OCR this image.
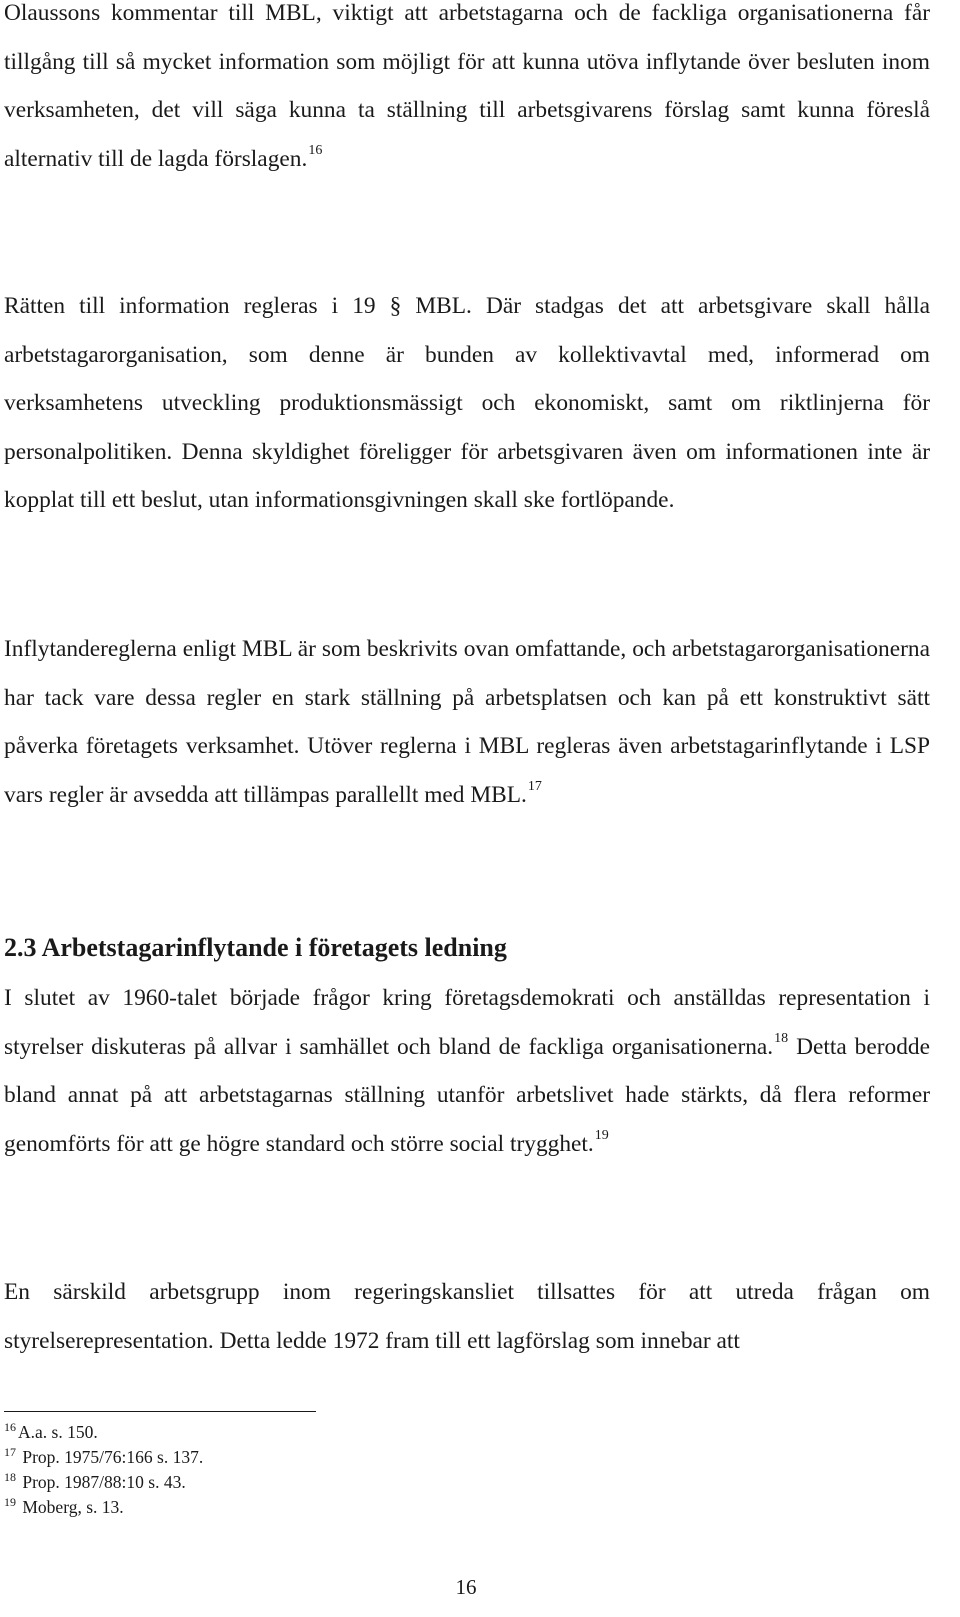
Olaussons kommentar till MBL, viktigt att arbetstagarna och de fackliga organisationerna får tillgång till så mycket information som möjligt för att kunna utöva inflytande över besluten inom verksamheten, det vill säga kunna ta ställning till arbetsgivarens förslag samt kunna föreslå alternativ till de lagda förslagen.$^{16}$

Rätten till information regleras i 19 § MBL. Där stadgas det att arbetsgivare skall hålla arbetstagarorganisation, som denne är bunden av kollektivavtal med, informerad om verksamhetens utveckling produktionsmässigt och ekonomiskt, samt om riktlinjerna för personalpolitiken. Denna skyldighet föreligger för arbetsgivaren även om informationen inte är kopplat till ett beslut, utan informationsgivningen skall ske fortlöpande.

Inflytandereglerna enligt MBL är som beskrivits ovan omfattande, och arbetstagarorganisationerna har tack vare dessa regler en stark ställning på arbetsplatsen och kan på ett konstruktivt sätt påverka företagets verksamhet. Utöver reglerna i MBL regleras även arbetstagarinflytande i LSP vars regler är avsedda att tillämpas parallellt med MBL.$^{17}$

2.3 Arbetstagarinflytande i företagets ledning

I slutet av 1960-talet började frågor kring företagsdemokrati och anställdas representation i styrelser diskuteras på allvar i samhället och bland de fackliga organisationerna.$^{18}$ Detta berodde bland annat på att arbetstagarnas ställning utanför arbetslivet hade stärkts, då flera reformer genomförts för att ge högre standard och större social trygghet.$^{19}$

En särskild arbetsgrupp inom regeringskansliet tillsattes för att utreda frågan om styrelserepresentation. Detta ledde 1972 fram till ett lagförslag som innebar att

$^{16}$ A.a. s. 150.
$^{17}$ Prop. 1975/76:166 s. 137.
$^{18}$ Prop. 1987/88:10 s. 43.
$^{19}$ Moberg, s. 13.
16
